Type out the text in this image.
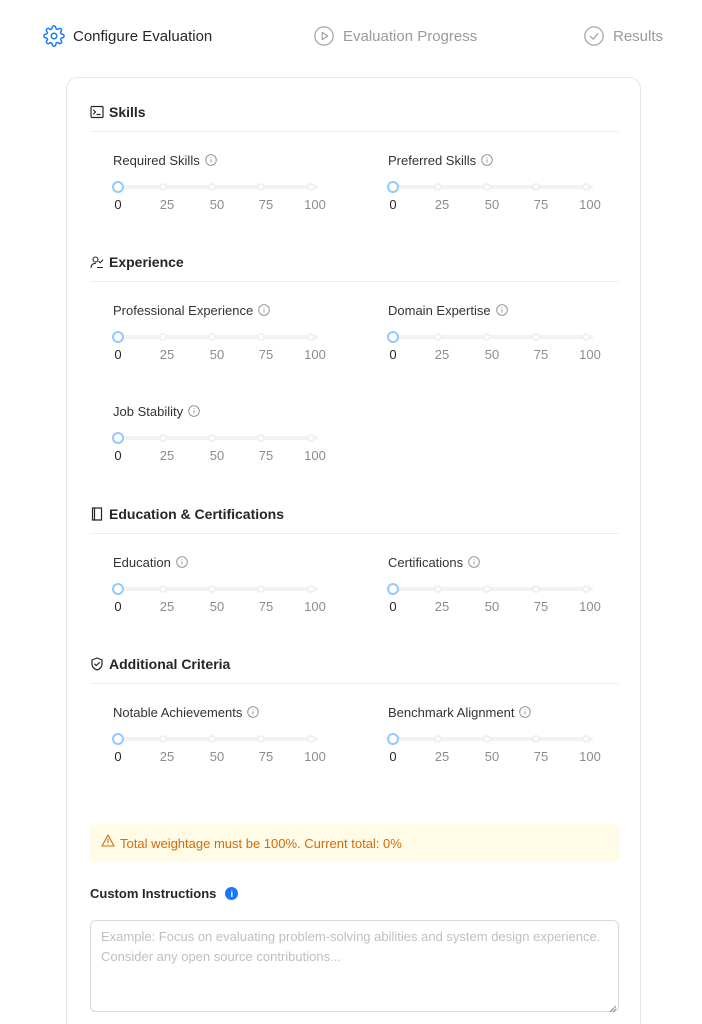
Configure Evaluation	Evaluation Progress	Results
Skills
Required Skills
0	25	50	75 100
Preferred Skills
0	25	50	75 100
Experience
Professional Experience
0	25	50	75 100
Domain Expertise
0	25	50	75 100
Job Stability
0	25	50	75 100
Education & Certifications
Education
0	25	50	75 100
Certifications
0	25	50	75 100
Additional Criteria
Notable Achievements
0	25	50	75 100
Benchmark Alignment
0	25	50	75 100
Total weightage must be 100%. Current total: 0%
Custom Instructions	i
Example: Focus on evaluating problem-solving abilities and system design experience. Consider any open source contributions...
